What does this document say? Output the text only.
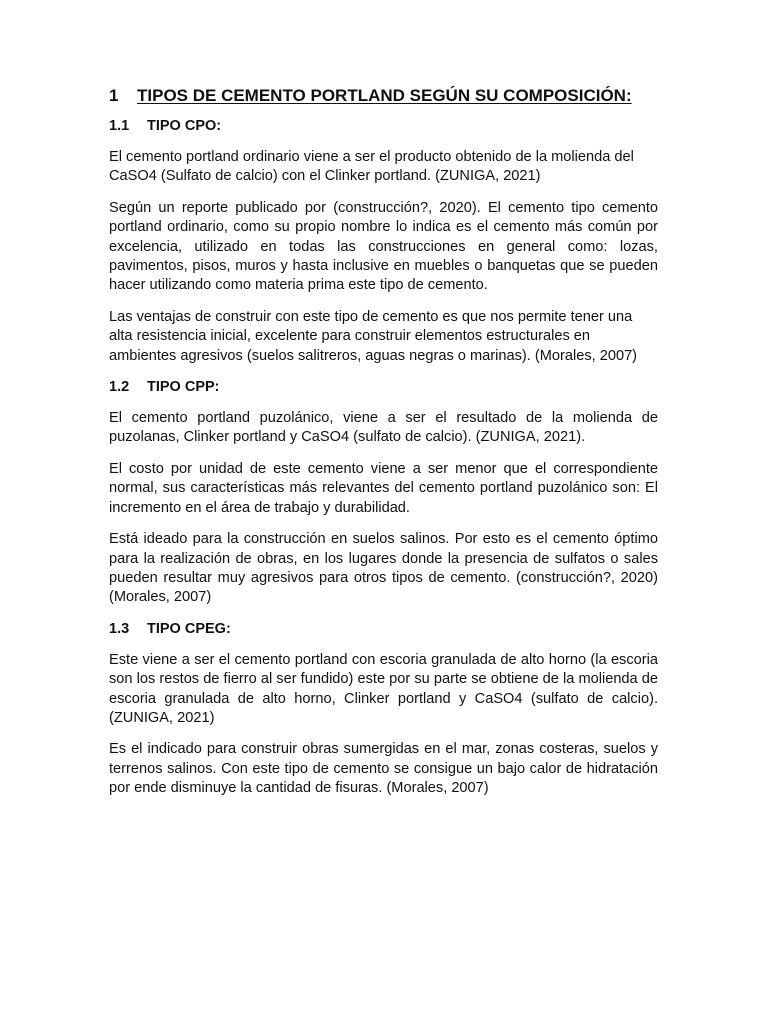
1	TIPOS DE CEMENTO PORTLAND SEGÚN SU COMPOSICIÓN:
1.1	TIPO CPO:

El cemento portland ordinario viene a ser el producto obtenido de la molienda del CaSO4 (Sulfato de calcio) con el Clinker portland. (ZUNIGA, 2021)

Según un reporte publicado por (construcción?, 2020). El cemento tipo cemento portland ordinario, como su propio nombre lo indica es el cemento más común por excelencia, utilizado en todas las construcciones en general como: lozas, pavimentos, pisos, muros y hasta inclusive en muebles o banquetas que se pueden hacer utilizando como materia prima este tipo de cemento.

Las ventajas de construir con este tipo de cemento es que nos permite tener una alta resistencia inicial, excelente para construir elementos estructurales en ambientes agresivos (suelos salitreros, aguas negras o marinas). (Morales, 2007)

1.2	TIPO CPP:

El cemento portland puzolánico, viene a ser el resultado de la molienda de puzolanas, Clinker portland y CaSO4 (sulfato de calcio). (ZUNIGA, 2021).

El costo por unidad de este cemento viene a ser menor que el correspondiente normal, sus características más relevantes del cemento portland puzolánico son: El incremento en el área de trabajo y durabilidad.

Está ideado para la construcción en suelos salinos. Por esto es el cemento óptimo para la realización de obras, en los lugares donde la presencia de sulfatos o sales pueden resultar muy agresivos para otros tipos de cemento. (construcción?, 2020) (Morales, 2007)

1.3	TIPO CPEG:

Este viene a ser el cemento portland con escoria granulada de alto horno (la escoria son los restos de fierro al ser fundido) este por su parte se obtiene de la molienda de escoria granulada de alto horno, Clinker portland y CaSO4 (sulfato de calcio). (ZUNIGA, 2021)

Es el indicado para construir obras sumergidas en el mar, zonas costeras, suelos y terrenos salinos. Con este tipo de cemento se consigue un bajo calor de hidratación por ende disminuye la cantidad de fisuras. (Morales, 2007)
